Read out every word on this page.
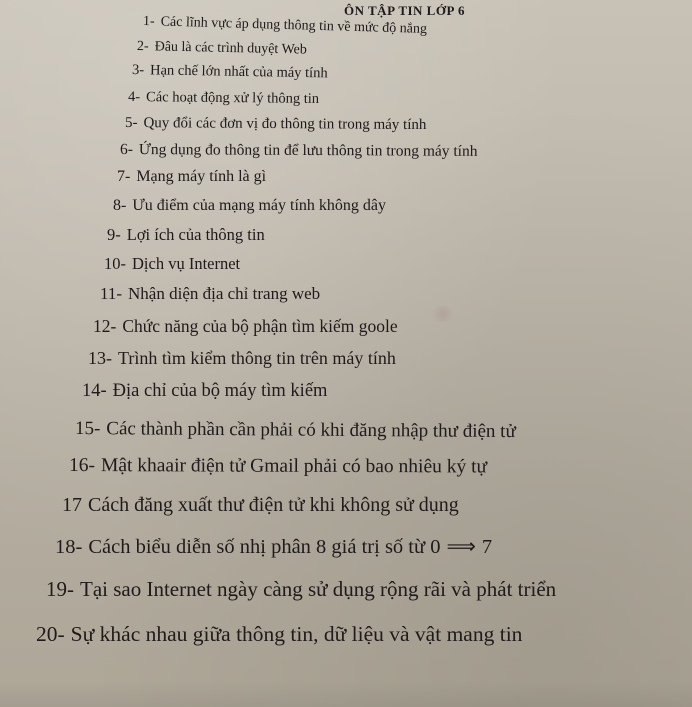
ÔN TẬP TIN LỚP 6
1- Các lĩnh vực áp dụng thông tin về mức độ nắng
2- Đâu là các trình duyệt Web
3- Hạn chế lớn nhất của máy tính
4- Các hoạt động xử lý thông tin
5- Quy đổi các đơn vị đo thông tin trong máy tính
6- Ứng dụng đo thông tin để lưu thông tin trong máy tính
7- Mạng máy tính là gì
8- Ưu điểm của mạng máy tính không dây
9- Lợi ích của thông tin
10- Dịch vụ Internet
11- Nhận diện địa chỉ trang web
12- Chức năng của bộ phận tìm kiếm goole
13- Trình tìm kiểm thông tin trên máy tính
14- Địa chỉ của bộ máy tìm kiếm
15- Các thành phần cần phải có khi đăng nhập thư điện tử
16- Mật khaair điện tử Gmail phải có bao nhiêu ký tự
17 Cách đăng xuất thư điện tử khi không sử dụng
18- Cách biểu diễn số nhị phân 8 giá trị số từ 0 ⟹ 7
19- Tại sao Internet ngày càng sử dụng rộng rãi và phát triển
20- Sự khác nhau giữa thông tin, dữ liệu và vật mang tin
